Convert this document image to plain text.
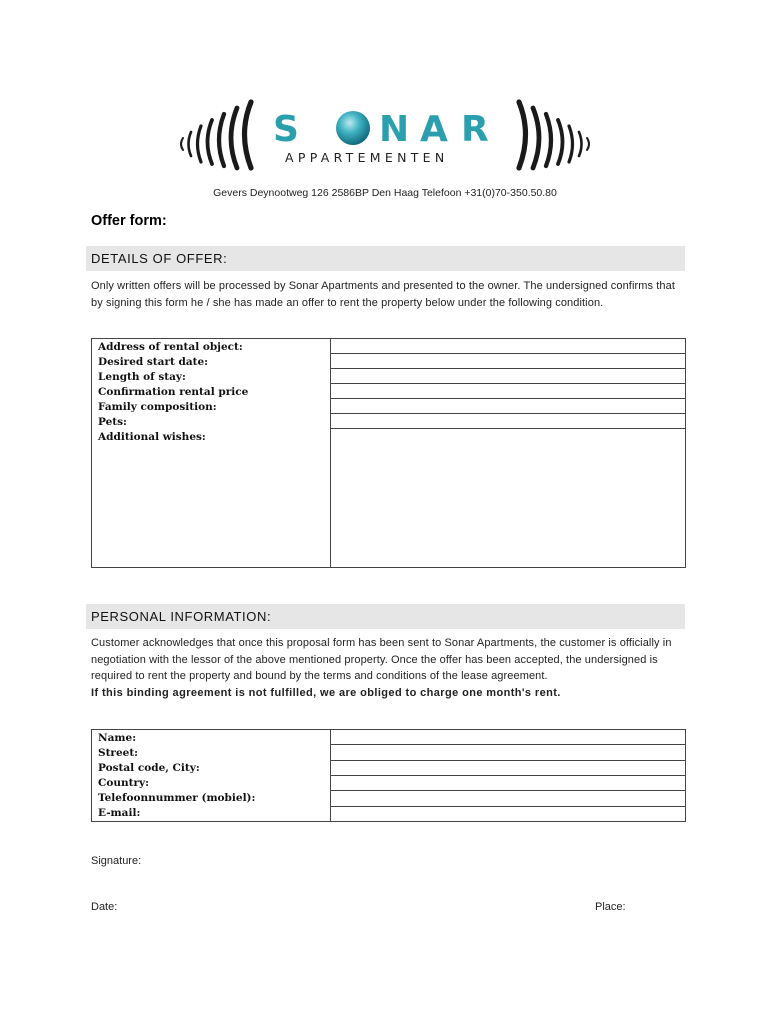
S N A R
APPARTEMENTEN
Gevers Deynootweg 126 2586BP Den Haag Telefoon +31(0)70-350.50.80
Offer form:
DETAILS OF OFFER:
Only written offers will be processed by Sonar Apartments and presented to the owner. The undersigned confirms that by signing this form he / she has made an offer to rent the property below under the following condition.
Address of rental object:
Desired start date:
Length of stay:
Confirmation rental price
Family composition:
Pets:
Additional wishes:

PERSONAL INFORMATION:
Customer acknowledges that once this proposal form has been sent to Sonar Apartments, the customer is officially in negotiation with the lessor of the above mentioned property. Once the offer has been accepted, the undersigned is required to rent the property and bound by the terms and conditions of the lease agreement.
If this binding agreement is not fulfilled, we are obliged to charge one month's rent.
Name:
Street:
Postal code, City:
Country:
Telefoonnummer (mobiel):
E-mail:

Signature:
Date:	Place:
